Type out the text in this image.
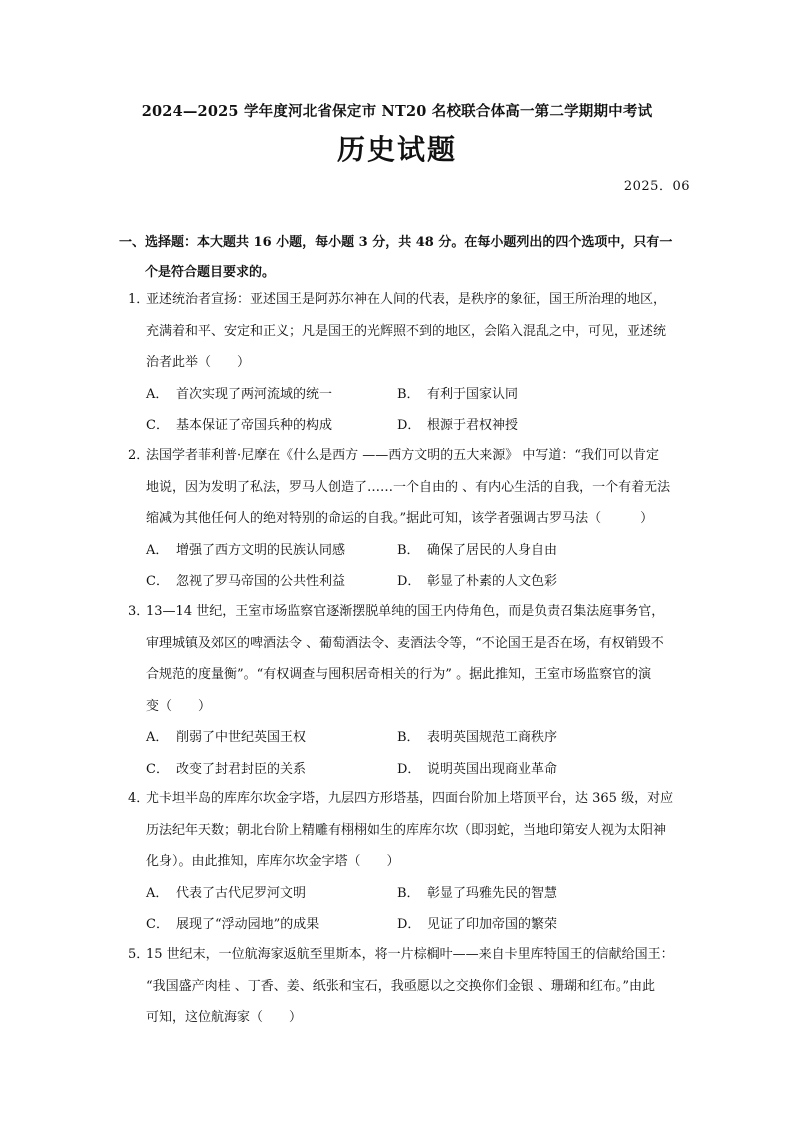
2024—2025 学年度河北省保定市 NT20 名校联合体高一第二学期期中考试
历史试题
2025．06
一、选择题：本大题共 16 小题，每小题 3 分，共 48 分。在每小题列出的四个选项中，只有一
个是符合题目要求的。
1．亚述统治者宣扬：亚述国王是阿苏尔神在人间的代表，是秩序的象征，国王所治理的地区，
充满着和平、安定和正义；凡是国王的光辉照不到的地区，会陷入混乱之中，可见，亚述统
治者此举（　　）
A． 首次实现了两河流域的统一	B． 有利于国家认同
C． 基本保证了帝国兵种的构成	D． 根源于君权神授
2．法国学者菲利普·尼摩在《什么是西方 ——西方文明的五大来源》 中写道：“我们可以肯定
地说，因为发明了私法，罗马人创造了……一个自由的 、有内心生活的自我，一个有着无法
缩减为其他任何人的绝对特别的命运的自我。”据此可知，该学者强调古罗马法（　　　）
A． 增强了西方文明的民族认同感	B． 确保了居民的人身自由
C． 忽视了罗马帝国的公共性利益	D． 彰显了朴素的人文色彩
3．13—14 世纪，王室市场监察官逐渐摆脱单纯的国王内侍角色，而是负责召集法庭事务官，
审理城镇及郊区的啤酒法令 、葡萄酒法令、麦酒法令等，“不论国王是否在场，有权销毁不
合规范的度量衡”。“有权调查与囤积居奇相关的行为” 。据此推知，王室市场监察官的演
变（　　）
A． 削弱了中世纪英国王权	B． 表明英国规范工商秩序
C． 改变了封君封臣的关系	D． 说明英国出现商业革命
4．尤卡坦半岛的库库尔坎金字塔，九层四方形塔基，四面台阶加上塔顶平台，达 365 级，对应
历法纪年天数；朝北台阶上精雕有栩栩如生的库库尔坎（即羽蛇，当地印第安人视为太阳神
化身）。由此推知，库库尔坎金字塔（　　）
A． 代表了古代尼罗河文明	B． 彰显了玛雅先民的智慧
C． 展现了“浮动园地”的成果	D． 见证了印加帝国的繁荣
5．15 世纪末，一位航海家返航至里斯本，将一片棕榈叶——来自卡里库特国王的信献给国王：
“我国盛产肉桂 、丁香、姜、纸张和宝石，我亟愿以之交换你们金银 、珊瑚和红布。”由此
可知，这位航海家（　　）
